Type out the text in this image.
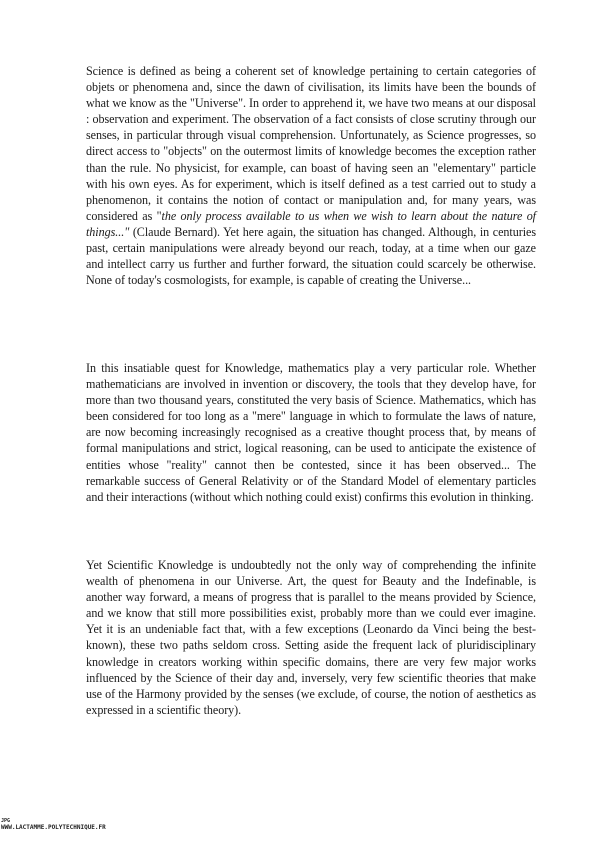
Science is defined as being a coherent set of knowledge pertaining to certain categories of objets or phenomena and, since the dawn of civilisation, its limits have been the bounds of what we know as the "Universe". In order to apprehend it, we have two means at our disposal : observation and experiment. The observation of a fact consists of close scrutiny through our senses, in particular through visual comprehension. Unfortunately, as Science progresses, so direct access to "objects" on the outermost limits of knowledge becomes the exception rather than the rule. No physicist, for example, can boast of having seen an "elementary" particle with his own eyes. As for experiment, which is itself defined as a test carried out to study a phenomenon, it contains the notion of contact or manipulation and, for many years, was considered as "the only process available to us when we wish to learn about the nature of things..." (Claude Bernard). Yet here again, the situation has changed. Although, in centuries past, certain manipulations were already beyond our reach, today, at a time when our gaze and intellect carry us further and further forward, the situation could scarcely be otherwise. None of today's cosmologists, for example, is capable of creating the Universe...

In this insatiable quest for Knowledge, mathematics play a very particular role. Whether mathematicians are involved in invention or discovery, the tools that they develop have, for more than two thousand years, constituted the very basis of Science. Mathematics, which has been considered for too long as a "mere" language in which to formulate the laws of nature, are now becoming increasingly recognised as a creative thought process that, by means of formal manipulations and strict, logical reasoning, can be used to anticipate the existence of entities whose "reality" cannot then be contested, since it has been observed... The remarkable success of General Relativity or of the Standard Model of elementary particles and their interactions (without which nothing could exist) confirms this evolution in thinking.

Yet Scientific Knowledge is undoubtedly not the only way of comprehending the infinite wealth of phenomena in our Universe. Art, the quest for Beauty and the Indefinable, is another way forward, a means of progress that is parallel to the means provided by Science, and we know that still more possibilities exist, probably more than we could ever imagine. Yet it is an undeniable fact that, with a few exceptions (Leonardo da Vinci being the best-known), these two paths seldom cross. Setting aside the frequent lack of pluridisciplinary knowledge in creators working within specific domains, there are very few major works influenced by the Science of their day and, inversely, very few scientific theories that make use of the Harmony provided by the senses (we exclude, of course, the notion of aesthetics as expressed in a scientific theory).

JPG
WWW.LACTAMME.POLYTECHNIQUE.FR
